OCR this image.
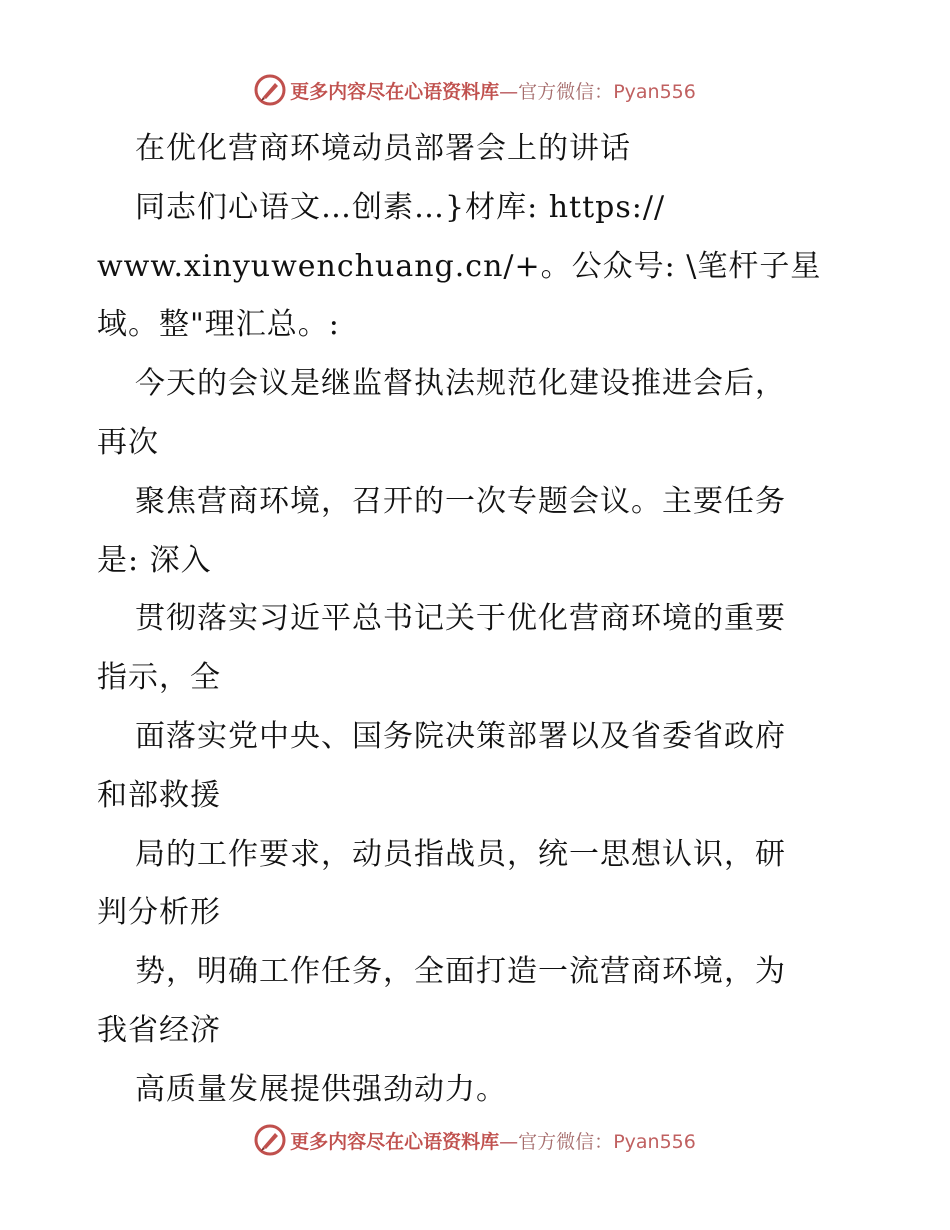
更多内容尽在心语资料库—官方微信：Pyan556

在优化营商环境动员部署会上的讲话

同志们心语文…创素…}材库: https://

www.xinyuwenchuang.cn/+。公众号: \笔杆子星

域。整"理汇总。:

今天的会议是继监督执法规范化建设推进会后，

再次

聚焦营商环境，召开的一次专题会议。主要任务

是: 深入

贯彻落实习近平总书记关于优化营商环境的重要

指示，全

面落实党中央、国务院决策部署以及省委省政府

和部救援

局的工作要求，动员指战员，统一思想认识，研

判分析形

势，明确工作任务，全面打造一流营商环境，为

我省经济

高质量发展提供强劲动力。

更多内容尽在心语资料库—官方微信：Pyan556
